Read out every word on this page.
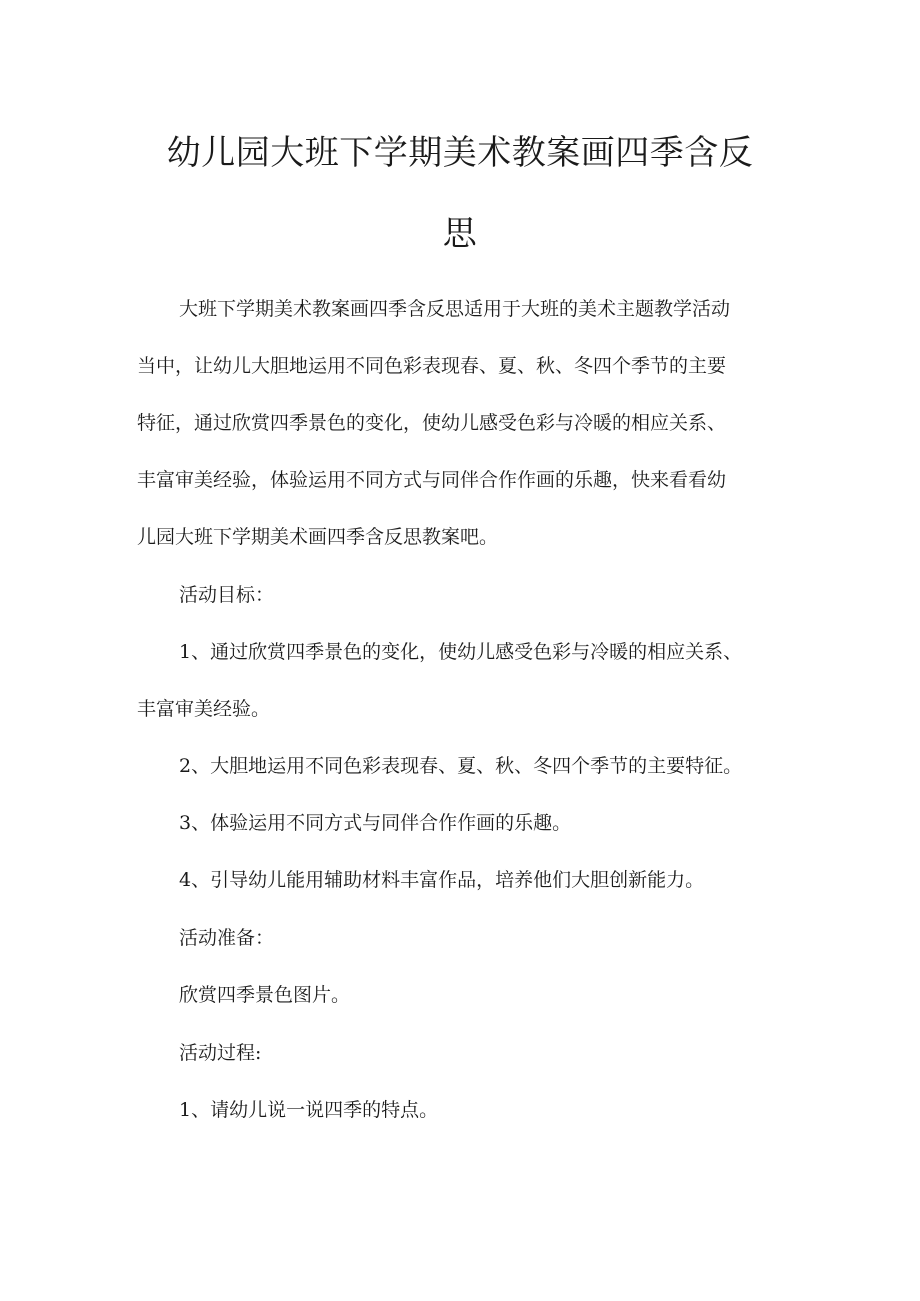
幼儿园大班下学期美术教案画四季含反
思

大班下学期美术教案画四季含反思适用于大班的美术主题教学活动

当中，让幼儿大胆地运用不同色彩表现春、夏、秋、冬四个季节的主要

特征，通过欣赏四季景色的变化，使幼儿感受色彩与冷暖的相应关系、

丰富审美经验，体验运用不同方式与同伴合作作画的乐趣，快来看看幼

儿园大班下学期美术画四季含反思教案吧。

活动目标：

1、通过欣赏四季景色的变化，使幼儿感受色彩与冷暖的相应关系、

丰富审美经验。

2、大胆地运用不同色彩表现春、夏、秋、冬四个季节的主要特征。

3、体验运用不同方式与同伴合作作画的乐趣。

4、引导幼儿能用辅助材料丰富作品，培养他们大胆创新能力。

活动准备：

欣赏四季景色图片。

活动过程:

1、请幼儿说一说四季的特点。
